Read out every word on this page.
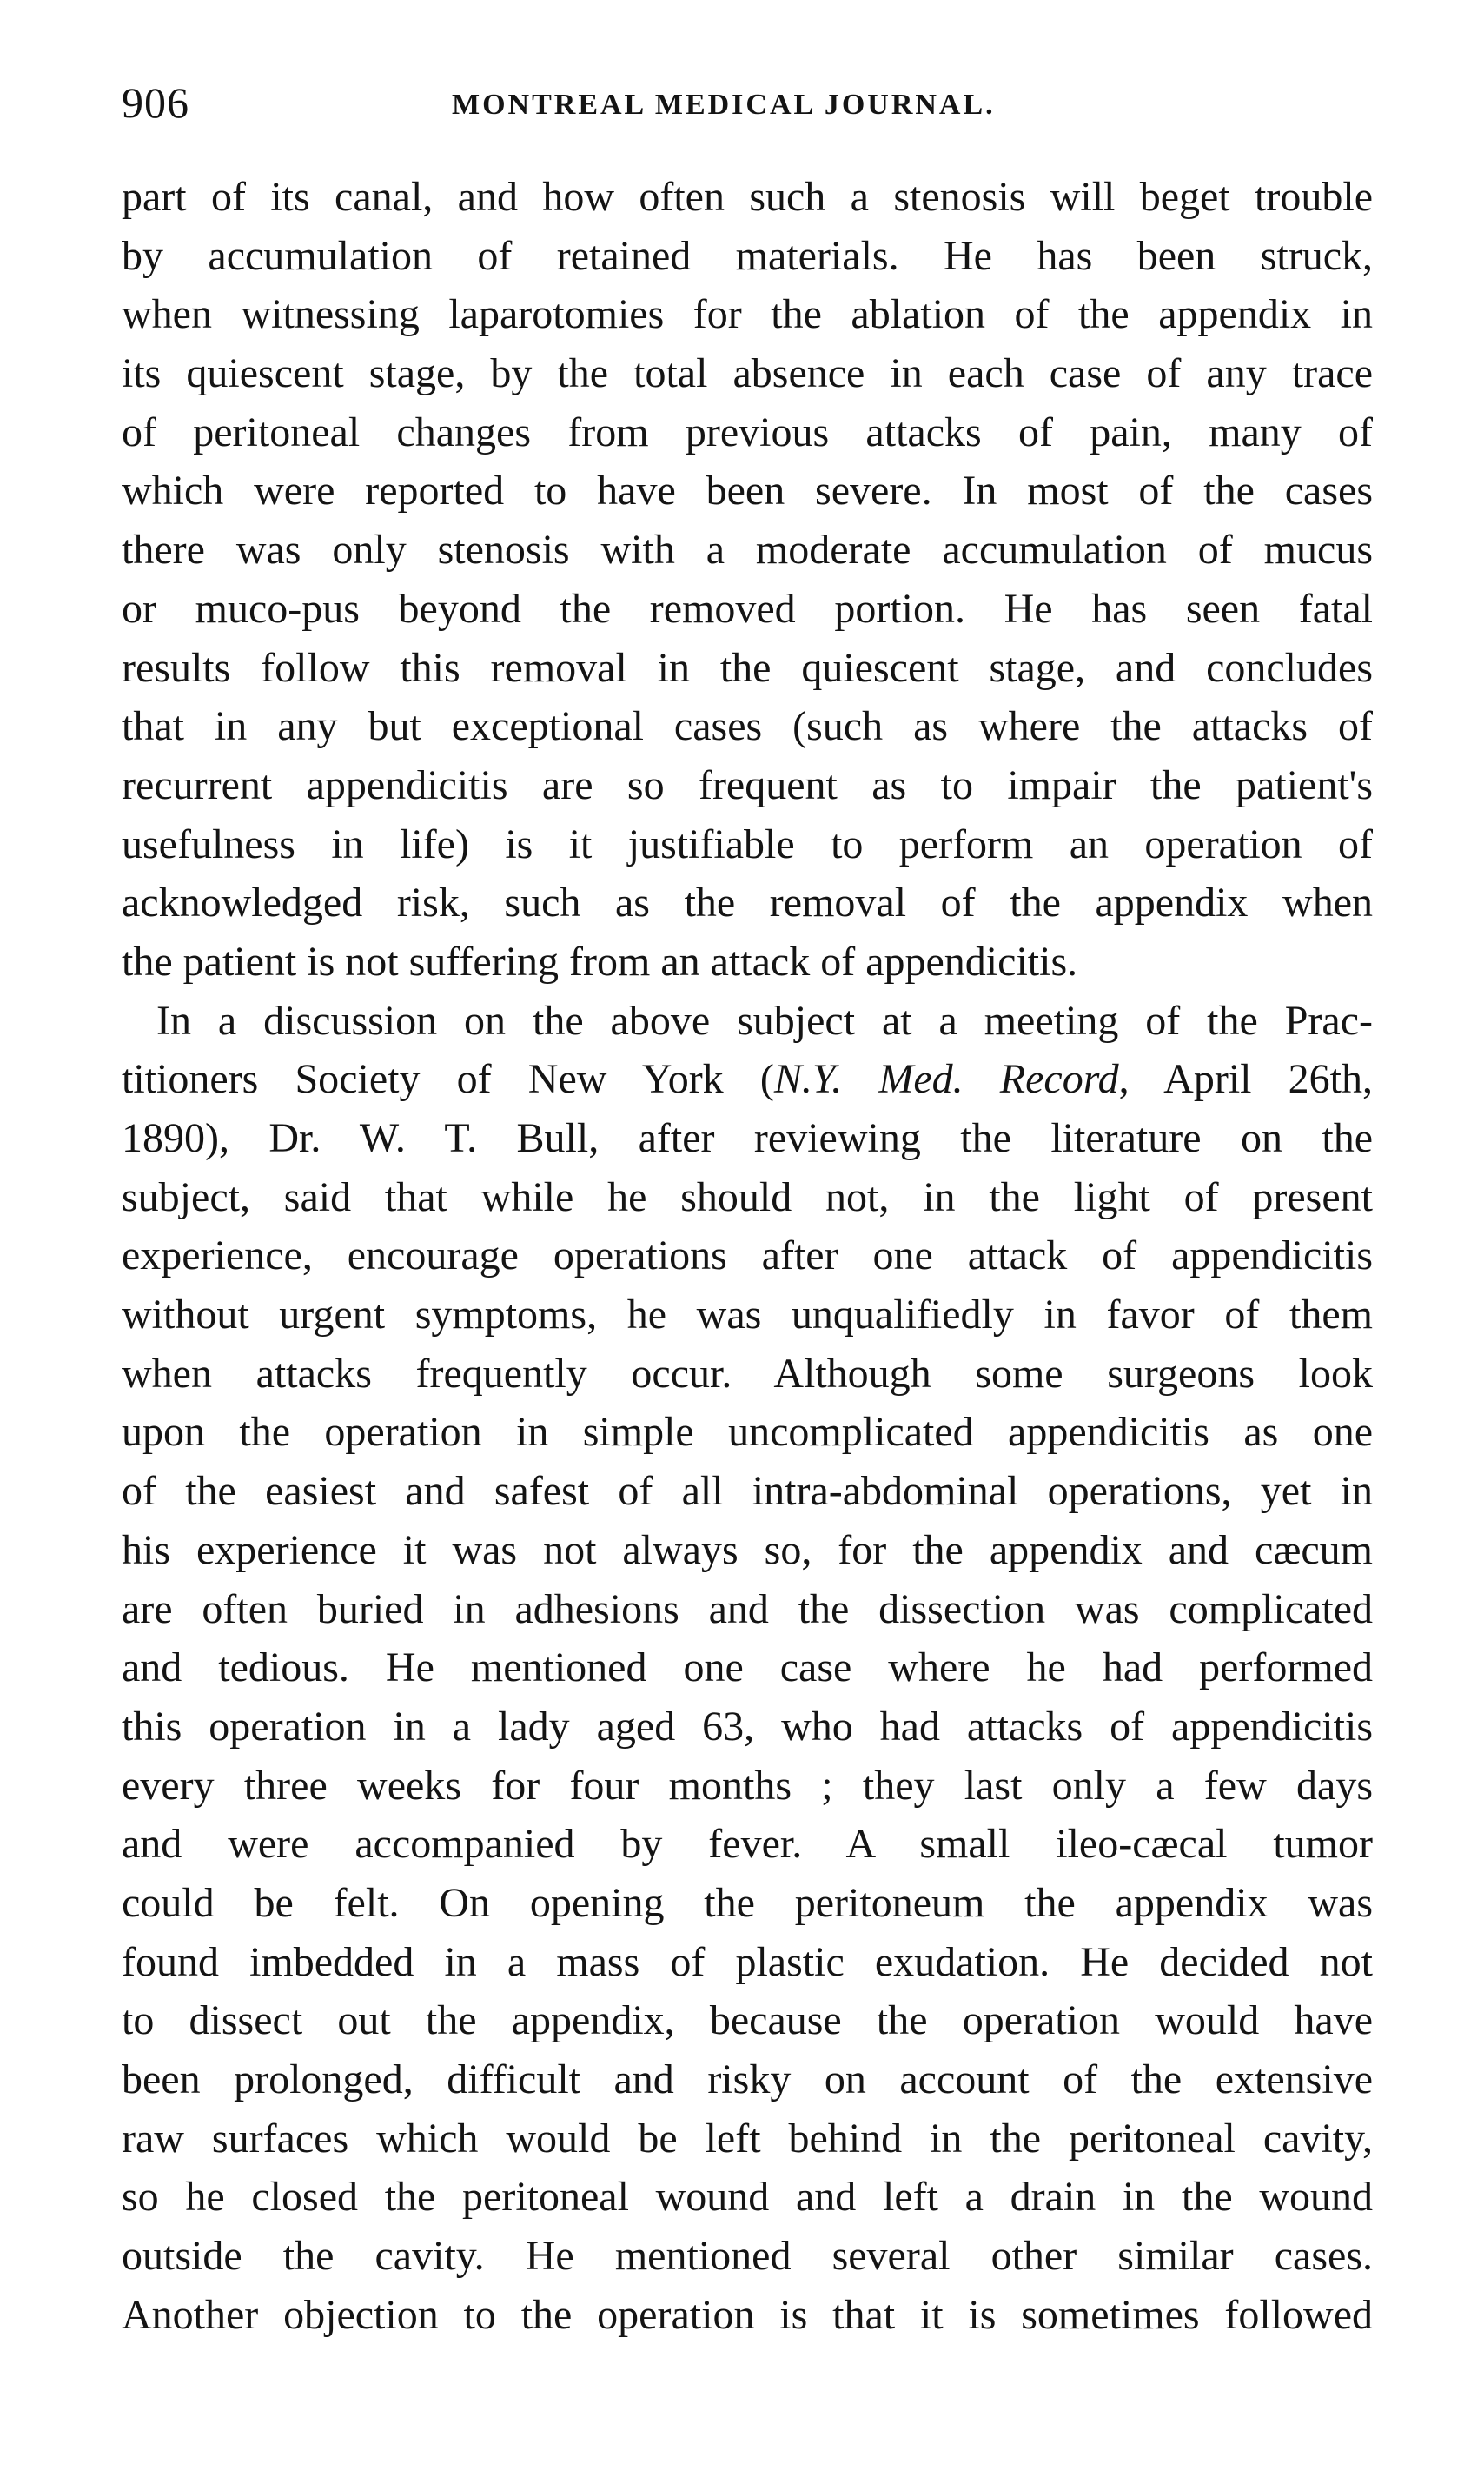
906	MONTREAL MEDICAL JOURNAL.

part of its canal, and how often such a stenosis will beget trouble

by accumulation of retained materials. He has been struck,

when witnessing laparotomies for the ablation of the appendix in

its quiescent stage, by the total absence in each case of any trace

of peritoneal changes from previous attacks of pain, many of

which were reported to have been severe. In most of the cases

there was only stenosis with a moderate accumulation of mucus

or muco-pus beyond the removed portion. He has seen fatal

results follow this removal in the quiescent stage, and concludes

that in any but exceptional cases (such as where the attacks of

recurrent appendicitis are so frequent as to impair the patient's

usefulness in life) is it justifiable to perform an operation of

acknowledged risk, such as the removal of the appendix when

the patient is not suffering from an attack of appendicitis.

In a discussion on the above subject at a meeting of the Prac-

titioners Society of New York (N.Y. Med. Record, April 26th,

1890), Dr. W. T. Bull, after reviewing the literature on the

subject, said that while he should not, in the light of present

experience, encourage operations after one attack of appendicitis

without urgent symptoms, he was unqualifiedly in favor of them

when attacks frequently occur. Although some surgeons look

upon the operation in simple uncomplicated appendicitis as one

of the easiest and safest of all intra-abdominal operations, yet in

his experience it was not always so, for the appendix and cæcum

are often buried in adhesions and the dissection was complicated

and tedious. He mentioned one case where he had performed

this operation in a lady aged 63, who had attacks of appendicitis

every three weeks for four months ; they last only a few days

and were accompanied by fever. A small ileo-cæcal tumor

could be felt. On opening the peritoneum the appendix was

found imbedded in a mass of plastic exudation. He decided not

to dissect out the appendix, because the operation would have

been prolonged, difficult and risky on account of the extensive

raw surfaces which would be left behind in the peritoneal cavity,

so he closed the peritoneal wound and left a drain in the wound

outside the cavity. He mentioned several other similar cases.

Another objection to the operation is that it is sometimes followed
